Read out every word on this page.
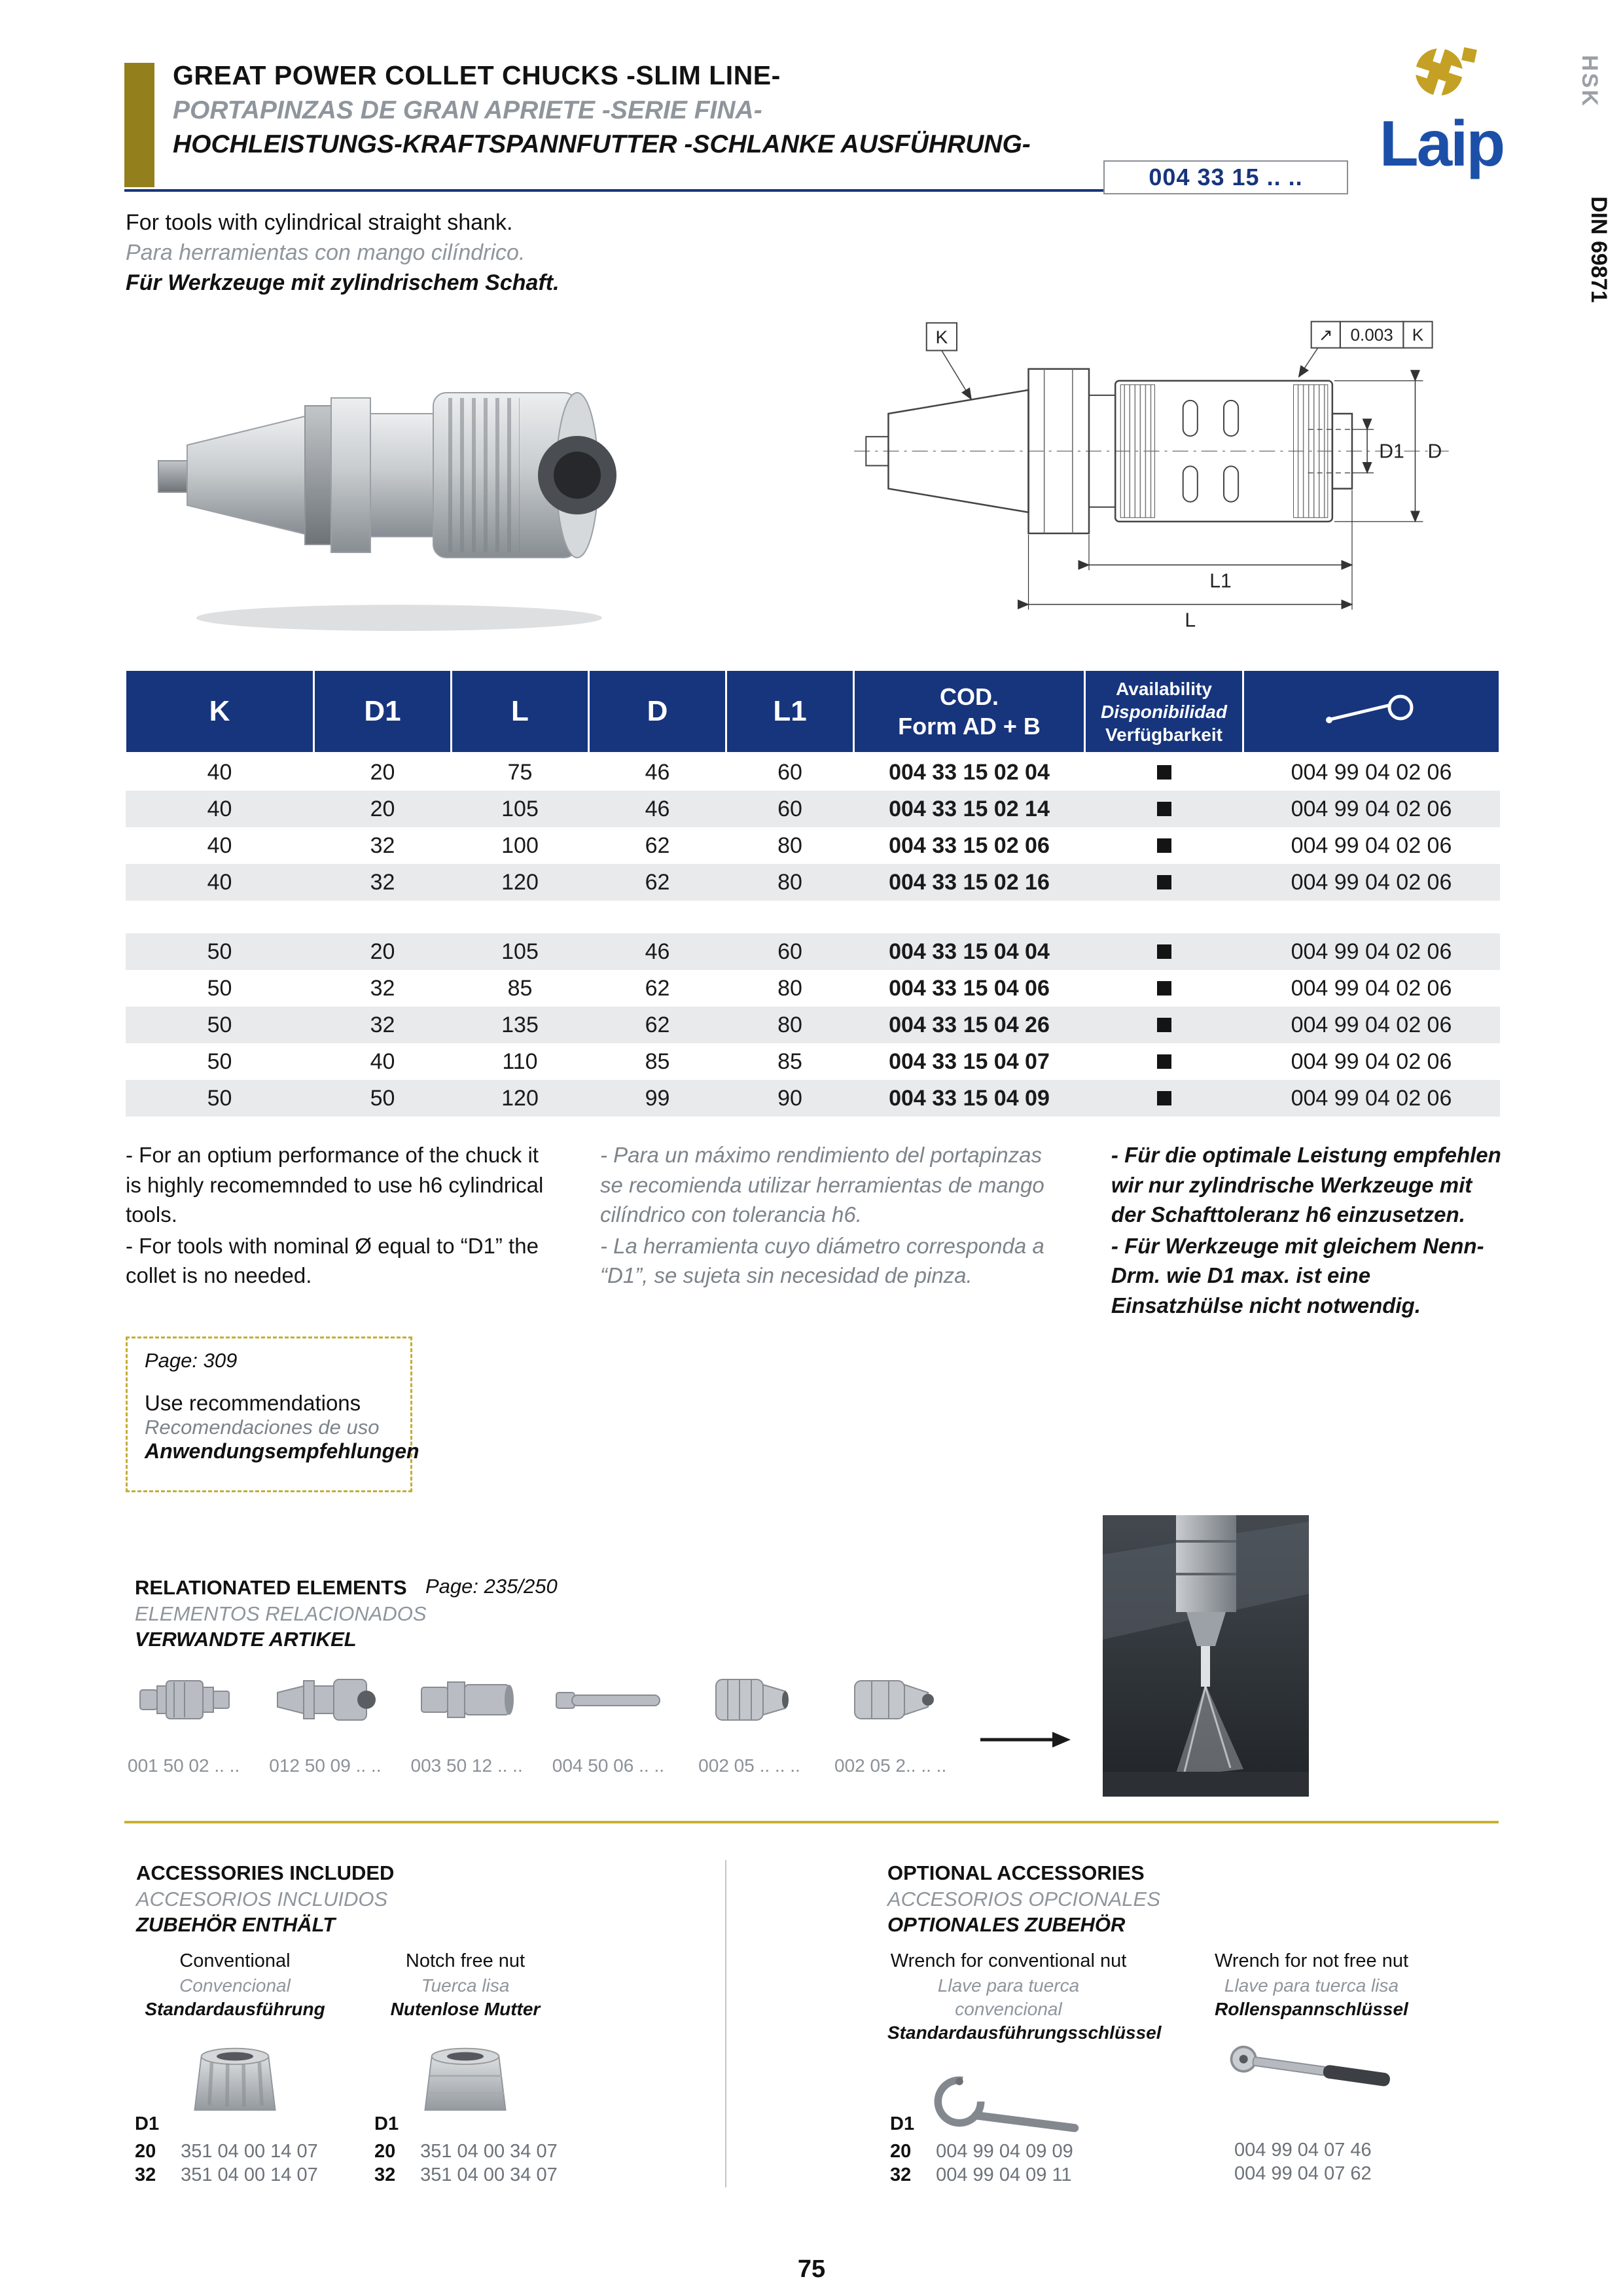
GREAT POWER COLLET CHUCKS -SLIM LINE-
PORTAPINZAS DE GRAN APRIETE -SERIE FINA-
HOCHLEISTUNGS-KRAFTSPANNFUTTER -SCHLANKE AUSFÜHRUNG-
004 33 15 .. ..	Laip
HSK
DIN 69871
For tools with cylindrical straight shank.
Para herramientas con mango cilíndrico.
Für Werkzeuge mit zylindrischem Schaft.
K	↗ 0.003 K
D1 D
L1
L
K	D1	L	D	L1	COD.
Form AD + B

Availability
Disponibilidad
Verfügbarkeit

40	20	75	46	60	004 33 15 02 04		004 99 04 02 06
40	20	105	46	60	004 33 15 02 14		004 99 04 02 06
40	32	100	62	80	004 33 15 02 06		004 99 04 02 06
40	32	120	62	80	004 33 15 02 16		004 99 04 02 06

50	20	105	46	60	004 33 15 04 04		004 99 04 02 06
50	32	85	62	80	004 33 15 04 06		004 99 04 02 06
50	32	135	62	80	004 33 15 04 26		004 99 04 02 06
50	40	110	85	85	004 33 15 04 07		004 99 04 02 06
50	50	120	99	90	004 33 15 04 09		004 99 04 02 06

- For an optium performance of the chuck it is highly recomemnded to use h6 cylindrical tools.

- For tools with nominal Ø equal to “D1” the collet is no needed.

- Para un máximo rendimiento del portapinzas se recomienda utilizar herramientas de mango cilíndrico con tolerancia h6.

- La herramienta cuyo diámetro corresponda a “D1”, se sujeta sin necesidad de pinza.

- Für die optimale Leistung empfehlen wir nur zylindrische Werkzeuge mit der Schafttoleranz h6 einzusetzen.

- Für Werkzeuge mit gleichem Nenn-Drm. wie D1 max. ist eine Einsatzhülse nicht notwendig.

Page: 309
Use recommendations
Recomendaciones de uso
Anwendungsempfehlungen
RELATIONATED ELEMENTS
ELEMENTOS RELACIONADOS
VERWANDTE ARTIKEL
Page: 235/250
001 50 02 .. .. 012 50 09 .. .. 003 50 12 .. .. 004 50 06 .. .. 002 05 .. .. .. 002 05 2.. .. ..
ACCESSORIES INCLUDED
ACCESORIOS INCLUIDOS
ZUBEHÖR ENTHÄLT
Conventional
Convencional
Standardausführung
Notch free nut
Tuerca lisa
Nutenlose Mutter
D1
20 351 04 00 14 07
32 351 04 00 14 07
D1
20 351 04 00 34 07
32 351 04 00 34 07
OPTIONAL ACCESSORIES
ACCESORIOS OPCIONALES
OPTIONALES ZUBEHÖR
Wrench for conventional nut
Llave para tuerca convencional
Standardausführungsschlüssel
Wrench for not free nut
Llave para tuerca lisa
Rollenspannschlüssel
D1
20 004 99 04 09 09
32 004 99 04 09 11
004 99 04 07 46
004 99 04 07 62
75
